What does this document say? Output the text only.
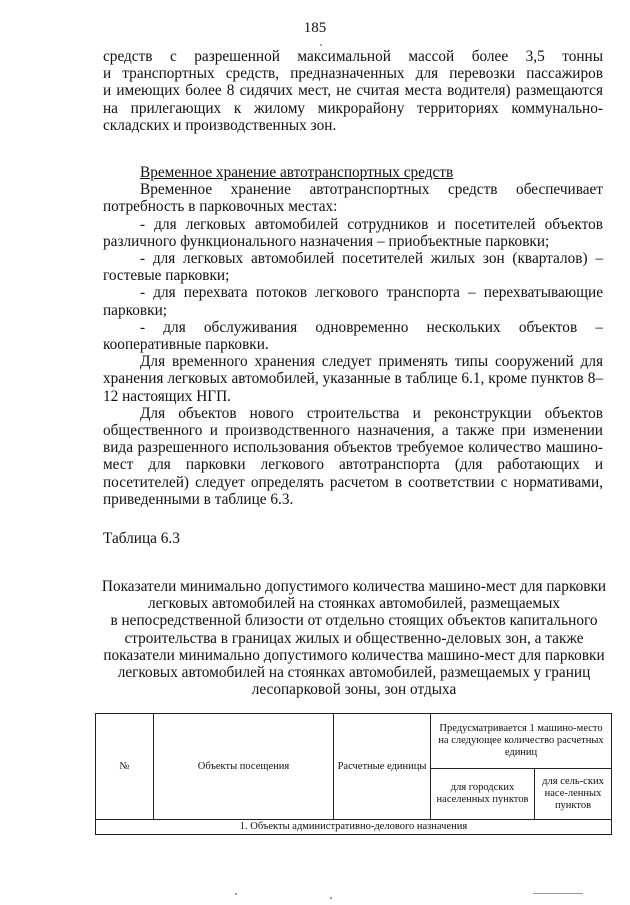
185

средств с разрешенной максимальной массой более 3,5 тонны

и транспортных средств, предназначенных для перевозки пассажиров

и имеющих более 8 сидячих мест, не считая места водителя) размещаются

на прилегающих к жилому микрорайону территориях коммунально-

складских и производственных зон.

Временное хранение автотранспортных средств

Временное хранение автотранспортных средств обеспечивает потребность в парковочных местах:

- для легковых автомобилей сотрудников и посетителей объектов различного функционального назначения – приобъектные парковки;

- для легковых автомобилей посетителей жилых зон (кварталов) – гостевые парковки;

- для перехвата потоков легкового транспорта – перехватывающие парковки;

- для обслуживания одновременно нескольких объектов – кооперативные парковки.

Для временного хранения следует применять типы сооружений для хранения легковых автомобилей, указанные в таблице 6.1, кроме пунктов 8–12 настоящих НГП.

Для объектов нового строительства и реконструкции объектов общественного и производственного назначения, а также при изменении вида разрешенного использования объектов требуемое количество машино-мест для парковки легкового автотранспорта (для работающих и посетителей) следует определять расчетом в соответствии с нормативами, приведенными в таблице 6.3.

Таблица 6.3

Показатели минимально допустимого количества машино-мест для парковки

легковых автомобилей на стоянках автомобилей, размещаемых

в непосредственной близости от отдельно стоящих объектов капитального

строительства в границах жилых и общественно-деловых зон, а также

показатели минимально допустимого количества машино-мест для парковки

легковых автомобилей на стоянках автомобилей, размещаемых у границ

лесопарковой зоны, зон отдыха

№	Объекты посещения	Расчетные единицы	Предусматривается 1 машино-место на следующее количество расчетных единиц	
			для городских населенных пунктов	для сель-ских насе-ленных пунктов
1. Объекты административно-делового назначения				
